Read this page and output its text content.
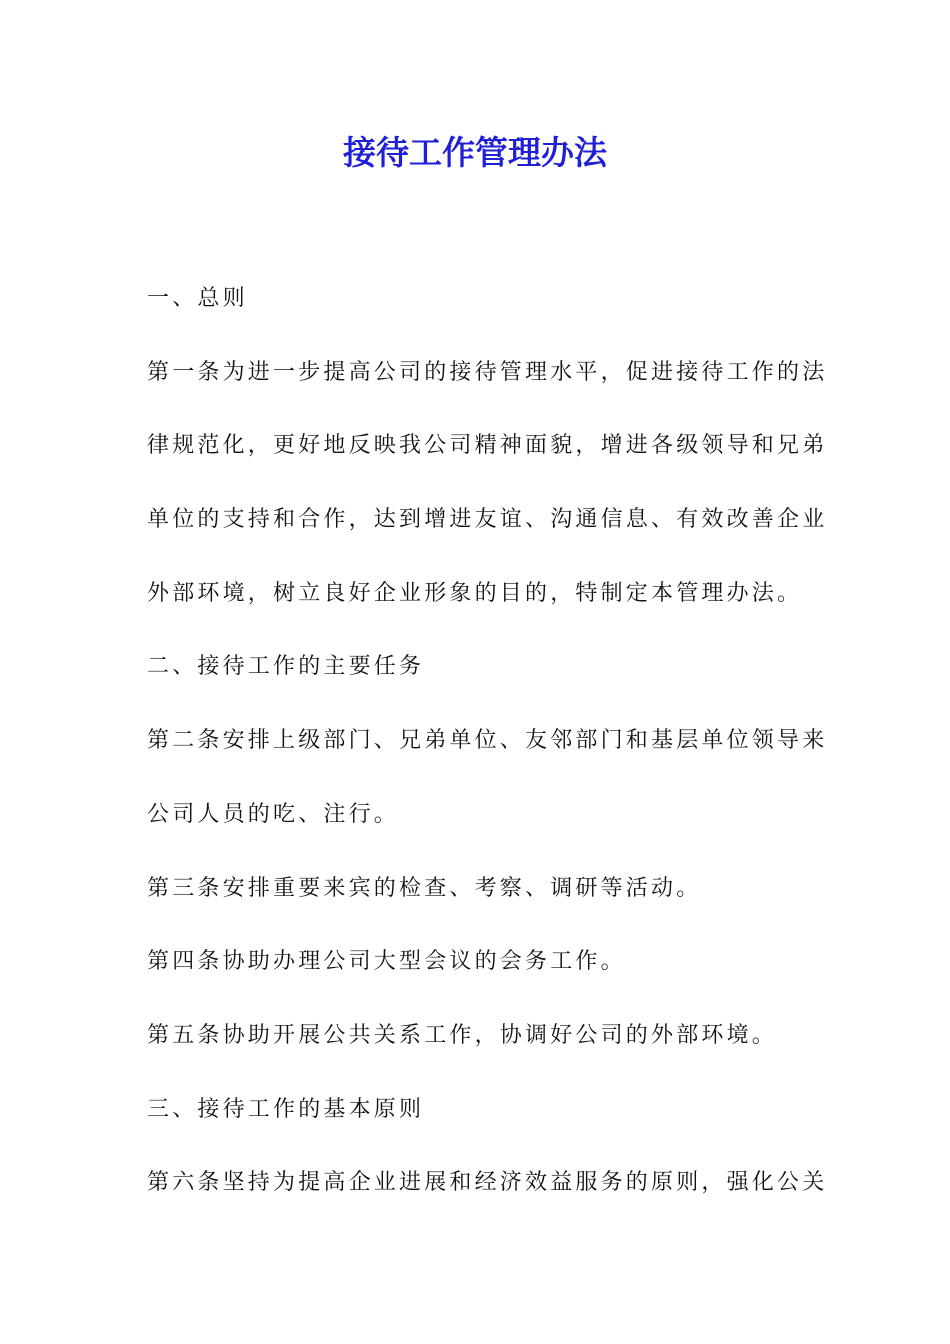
接待工作管理办法
一、总则
第一条为进一步提高公司的接待管理水平，促进接待工作的法
律规范化，更好地反映我公司精神面貌，增进各级领导和兄弟
单位的支持和合作，达到增进友谊、沟通信息、有效改善企业
外部环境，树立良好企业形象的目的，特制定本管理办法。
二、接待工作的主要任务
第二条安排上级部门、兄弟单位、友邻部门和基层单位领导来
公司人员的吃、注行。
第三条安排重要来宾的检查、考察、调研等活动。
第四条协助办理公司大型会议的会务工作。
第五条协助开展公共关系工作，协调好公司的外部环境。
三、接待工作的基本原则
第六条坚持为提高企业进展和经济效益服务的原则，强化公关
